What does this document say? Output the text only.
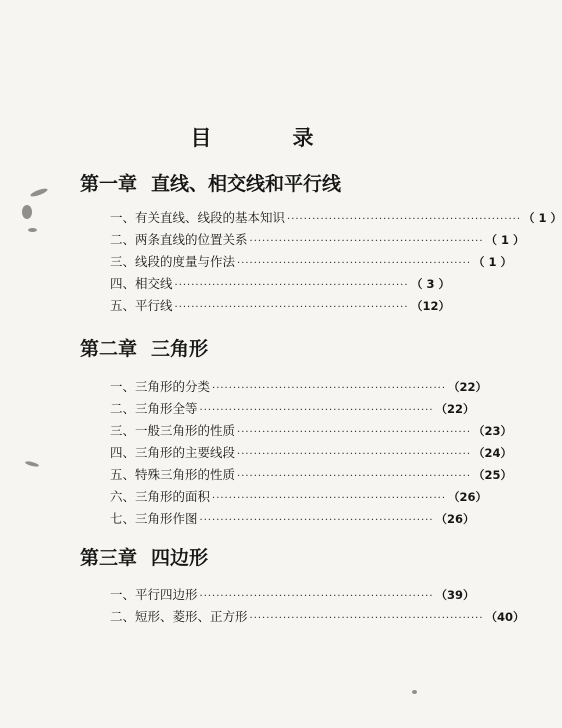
目　录
第一章 直线、相交线和平行线
一、有关直线、线段的基本知识 ························································ （ 1 ）
二、两条直线的位置关系 ························································ （ 1 ）
三、线段的度量与作法 ························································ （ 1 ）
四、相交线 ························································ （ 3 ）
五、平行线 ························································ （12）
第二章 三角形
一、三角形的分类 ························································ （22）
二、三角形全等 ························································ （22）
三、一般三角形的性质 ························································ （23）
四、三角形的主要线段 ························································ （24）
五、特殊三角形的性质 ························································ （25）
六、三角形的面积 ························································ （26）
七、三角形作图 ························································ （26）
第三章 四边形
一、平行四边形 ························································ （39）
二、短形、菱形、正方形 ························································ （40）
